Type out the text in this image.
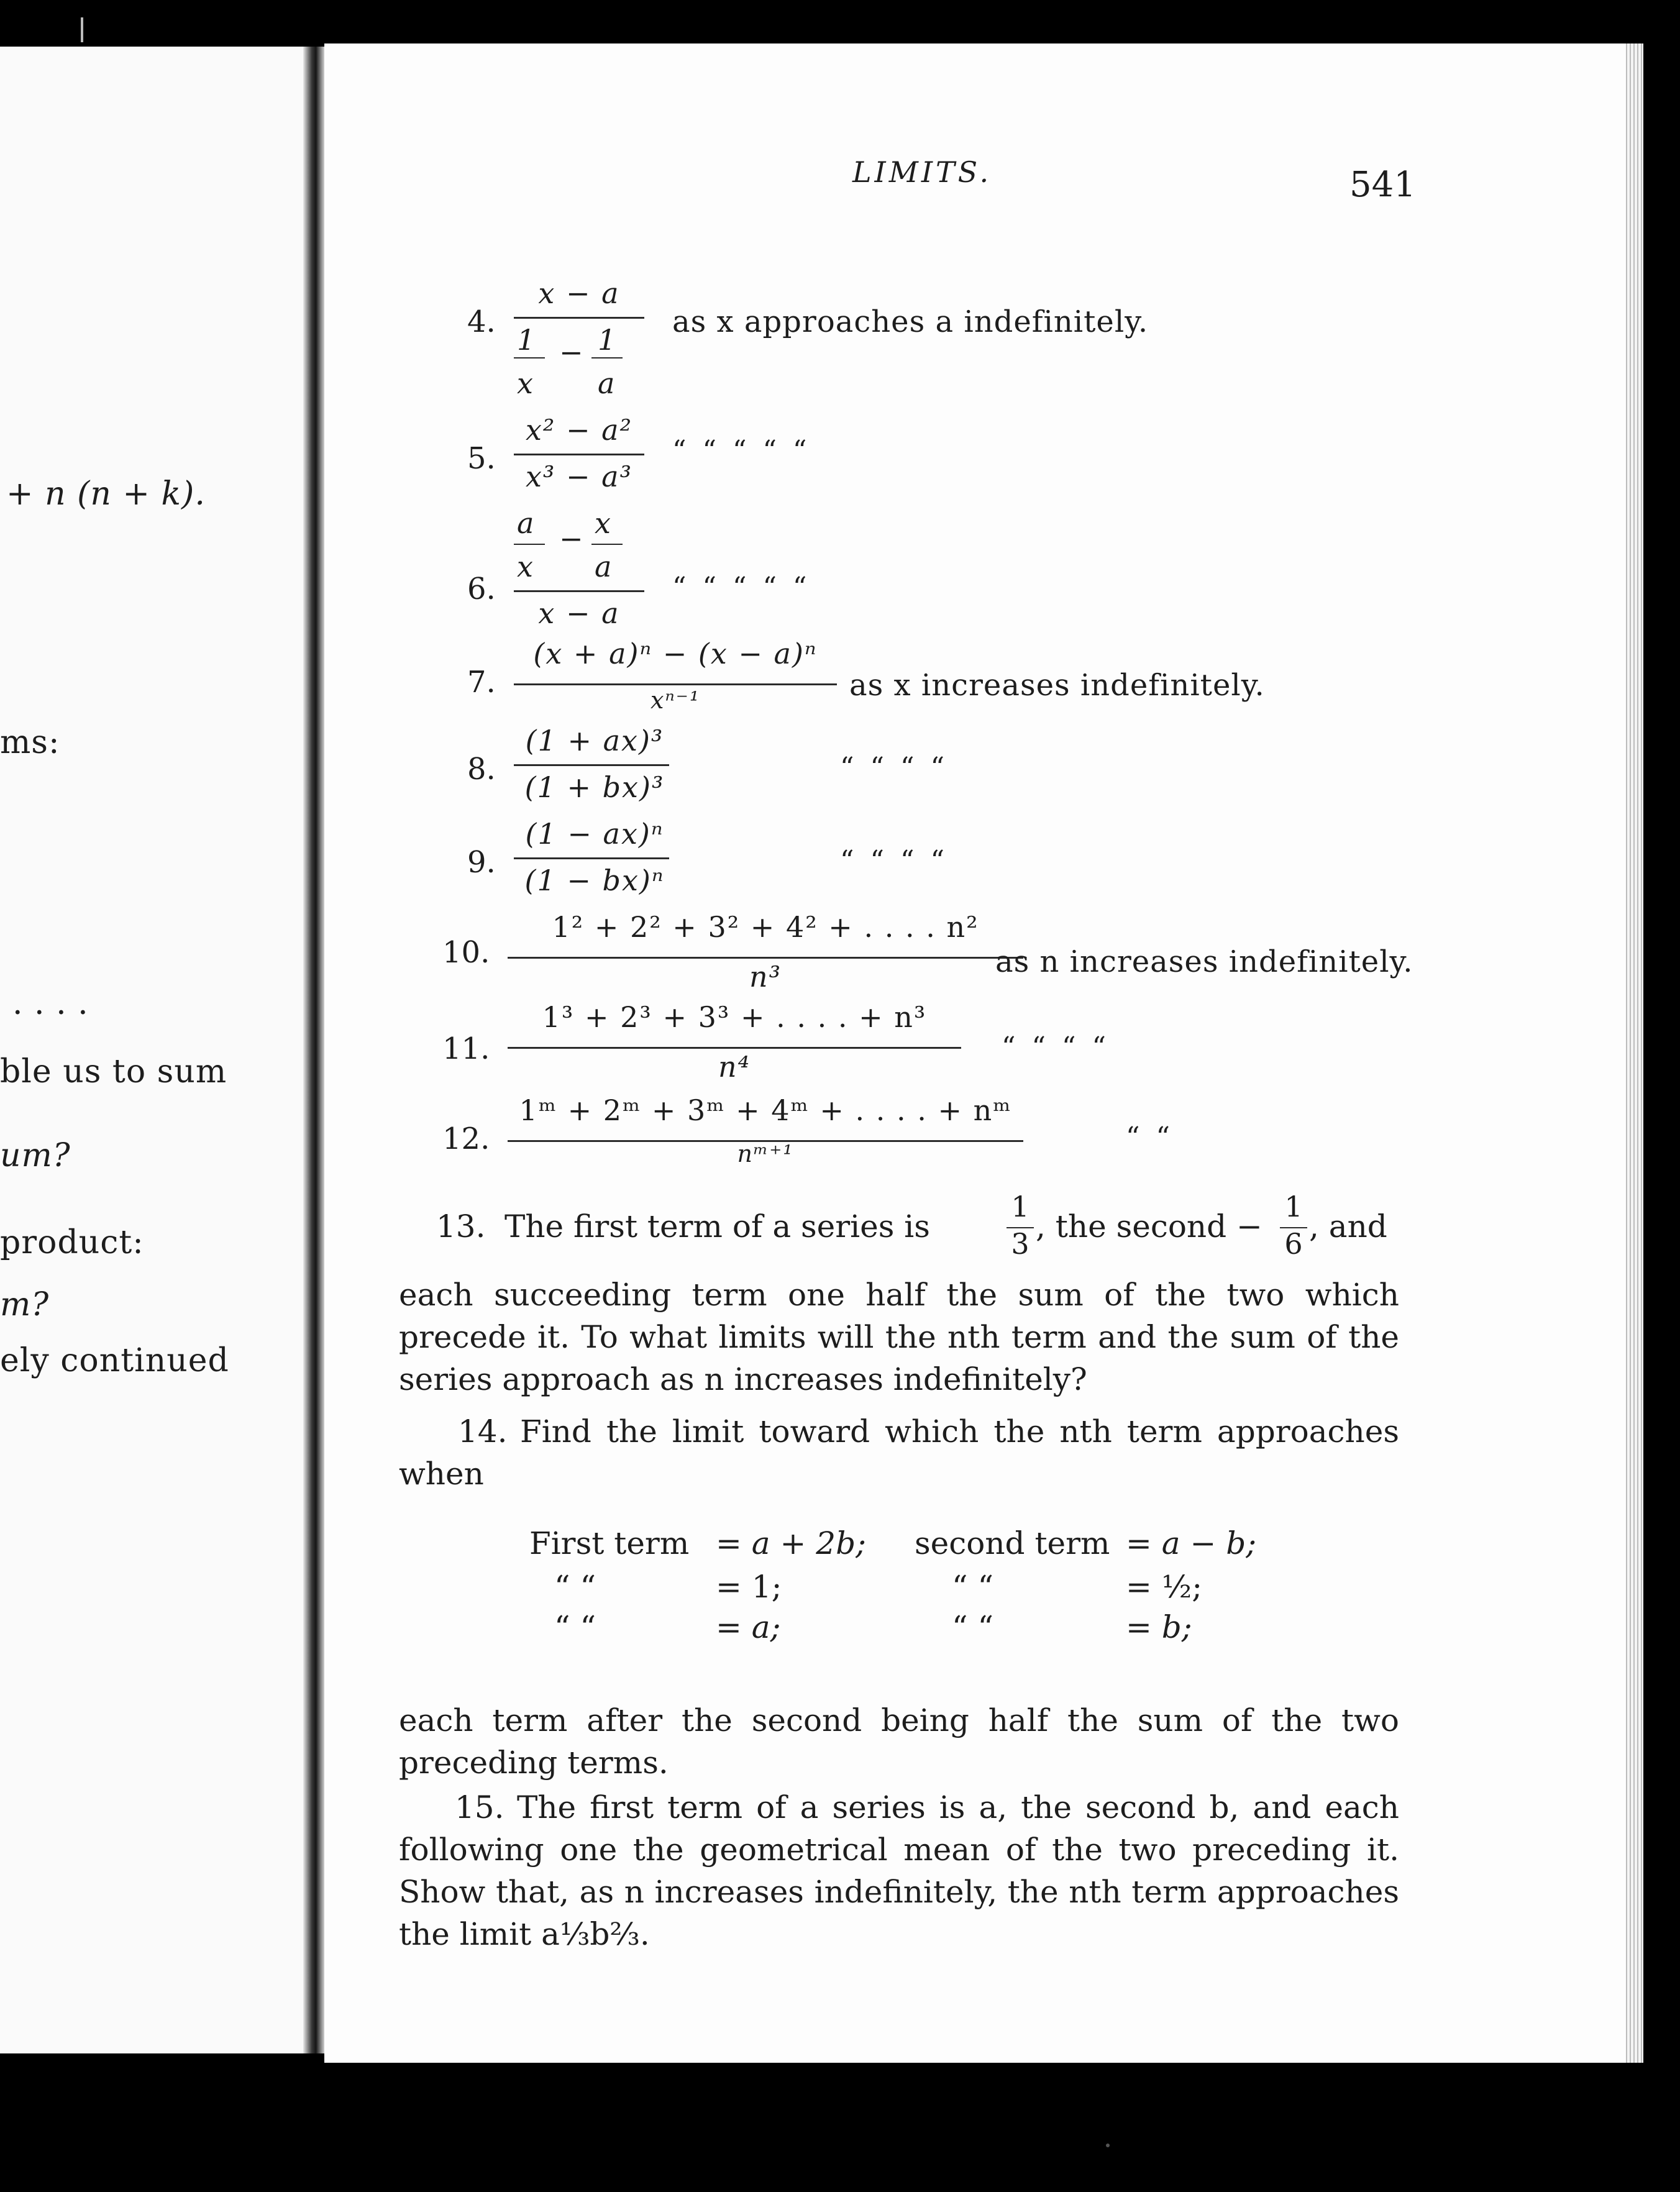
+ n (n + k).
ms:
. . . .
ble us to sum
um?
product:
m?
ely continued
LIMITS.	541
4.
x − a
1 − 1
x a
as x approaches a indefinitely.
5.
x² − a²
x³ − a³
“ “ “ “ “
6.
a x
−
x a
x − a
“ “ “ “ “
7.
(x + a)ⁿ − (x − a)ⁿ
xⁿ⁻¹	as x increases indefinitely.
8.
(1 + ax)³
(1 + bx)³
“ “ “ “
9.
(1 − ax)ⁿ
(1 − bx)ⁿ
“ “ “ “
10.
1² + 2² + 3² + 4² + . . . . n²
n³	as n increases indefinitely.
11.
1³ + 2³ + 3³ + . . . . + n³
n⁴
“ “ “ “
12.
1ᵐ + 2ᵐ + 3ᵐ + 4ᵐ + . . . . + nᵐ
nᵐ⁺¹
“ “
13. The first term of a series is
1
3 , the second −
1
6 , and
each succeeding term one half the sum of the two which precede it. To what limits will the nth term and the sum of the series approach as n increases indefinitely?
14. Find the limit toward which the nth term approaches when
First term = a + 2b; second term = a − b;
“ “	= 1;	“ “	= ½;
“ “	= a;	“ “	= b;
each term after the second being half the sum of the two preceding terms.
15. The first term of a series is a, the second b, and each following one the geometrical mean of the two preceding it. Show that, as n increases indefinitely, the nth term approaches the limit a⅓b⅔.
